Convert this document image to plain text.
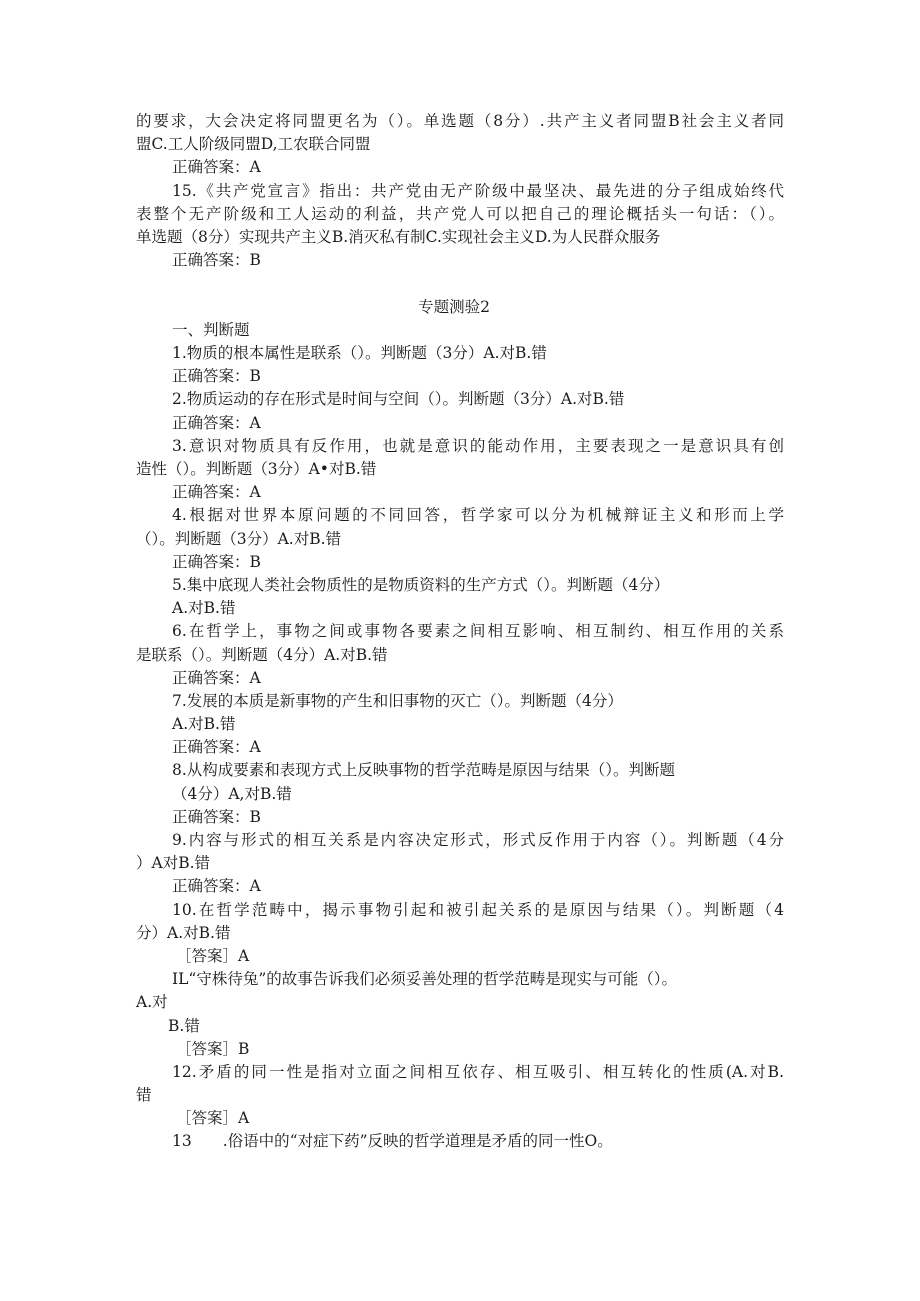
的要求，大会决定将同盟更名为（）。单选题（8分）.共产主义者同盟B社会主义者同
盟C.工人阶级同盟D,工农联合同盟
正确答案：A
15.《共产党宣言》指出：共产党由无产阶级中最坚决、最先进的分子组成始终代
表整个无产阶级和工人运动的利益，共产党人可以把自己的理论概括头一句话：（）。
单选题（8分）实现共产主义B.消灭私有制C.实现社会主义D.为人民群众服务
正确答案：B
专题测验2
一、判断题
1.物质的根本属性是联系（）。判断题（3分）A.对B.错
正确答案：B
2.物质运动的存在形式是时间与空间（）。判断题（3分）A.对B.错
正确答案：A
3.意识对物质具有反作用，也就是意识的能动作用，主要表现之一是意识具有创
造性（）。判断题（3分）A•对B.错
正确答案：A
4.根据对世界本原问题的不同回答，哲学家可以分为机械辩证主义和形而上学
（）。判断题（3分）A.对B.错
正确答案：B
5.集中底现人类社会物质性的是物质资料的生产方式（）。判断题（4分）
A.对B.错
6.在哲学上，事物之间或事物各要素之间相互影响、相互制约、相互作用的关系
是联系（）。判断题（4分）A.对B.错
正确答案：A
7.发展的本质是新事物的产生和旧事物的灭亡（）。判断题（4分）
A.对B.错
正确答案：A
8.从构成要素和表现方式上反映事物的哲学范畴是原因与结果（）。判断题
（4分）A,对B.错
正确答案：B
9.内容与形式的相互关系是内容决定形式，形式反作用于内容（）。判断题（4分
）A对B.错
正确答案：A
10.在哲学范畴中，揭示事物引起和被引起关系的是原因与结果（）。判断题（4
分）A.对B.错
［答案］A
IL“守株待兔”的故事告诉我们必须妥善处理的哲学范畴是现实与可能（）。
A.对
B.错
［答案］B
12.矛盾的同一性是指对立面之间相互依存、相互吸引、相互转化的性质(A.对B.
错
［答案］A
13　　.俗语中的“对症下药”反映的哲学道理是矛盾的同一性O。
